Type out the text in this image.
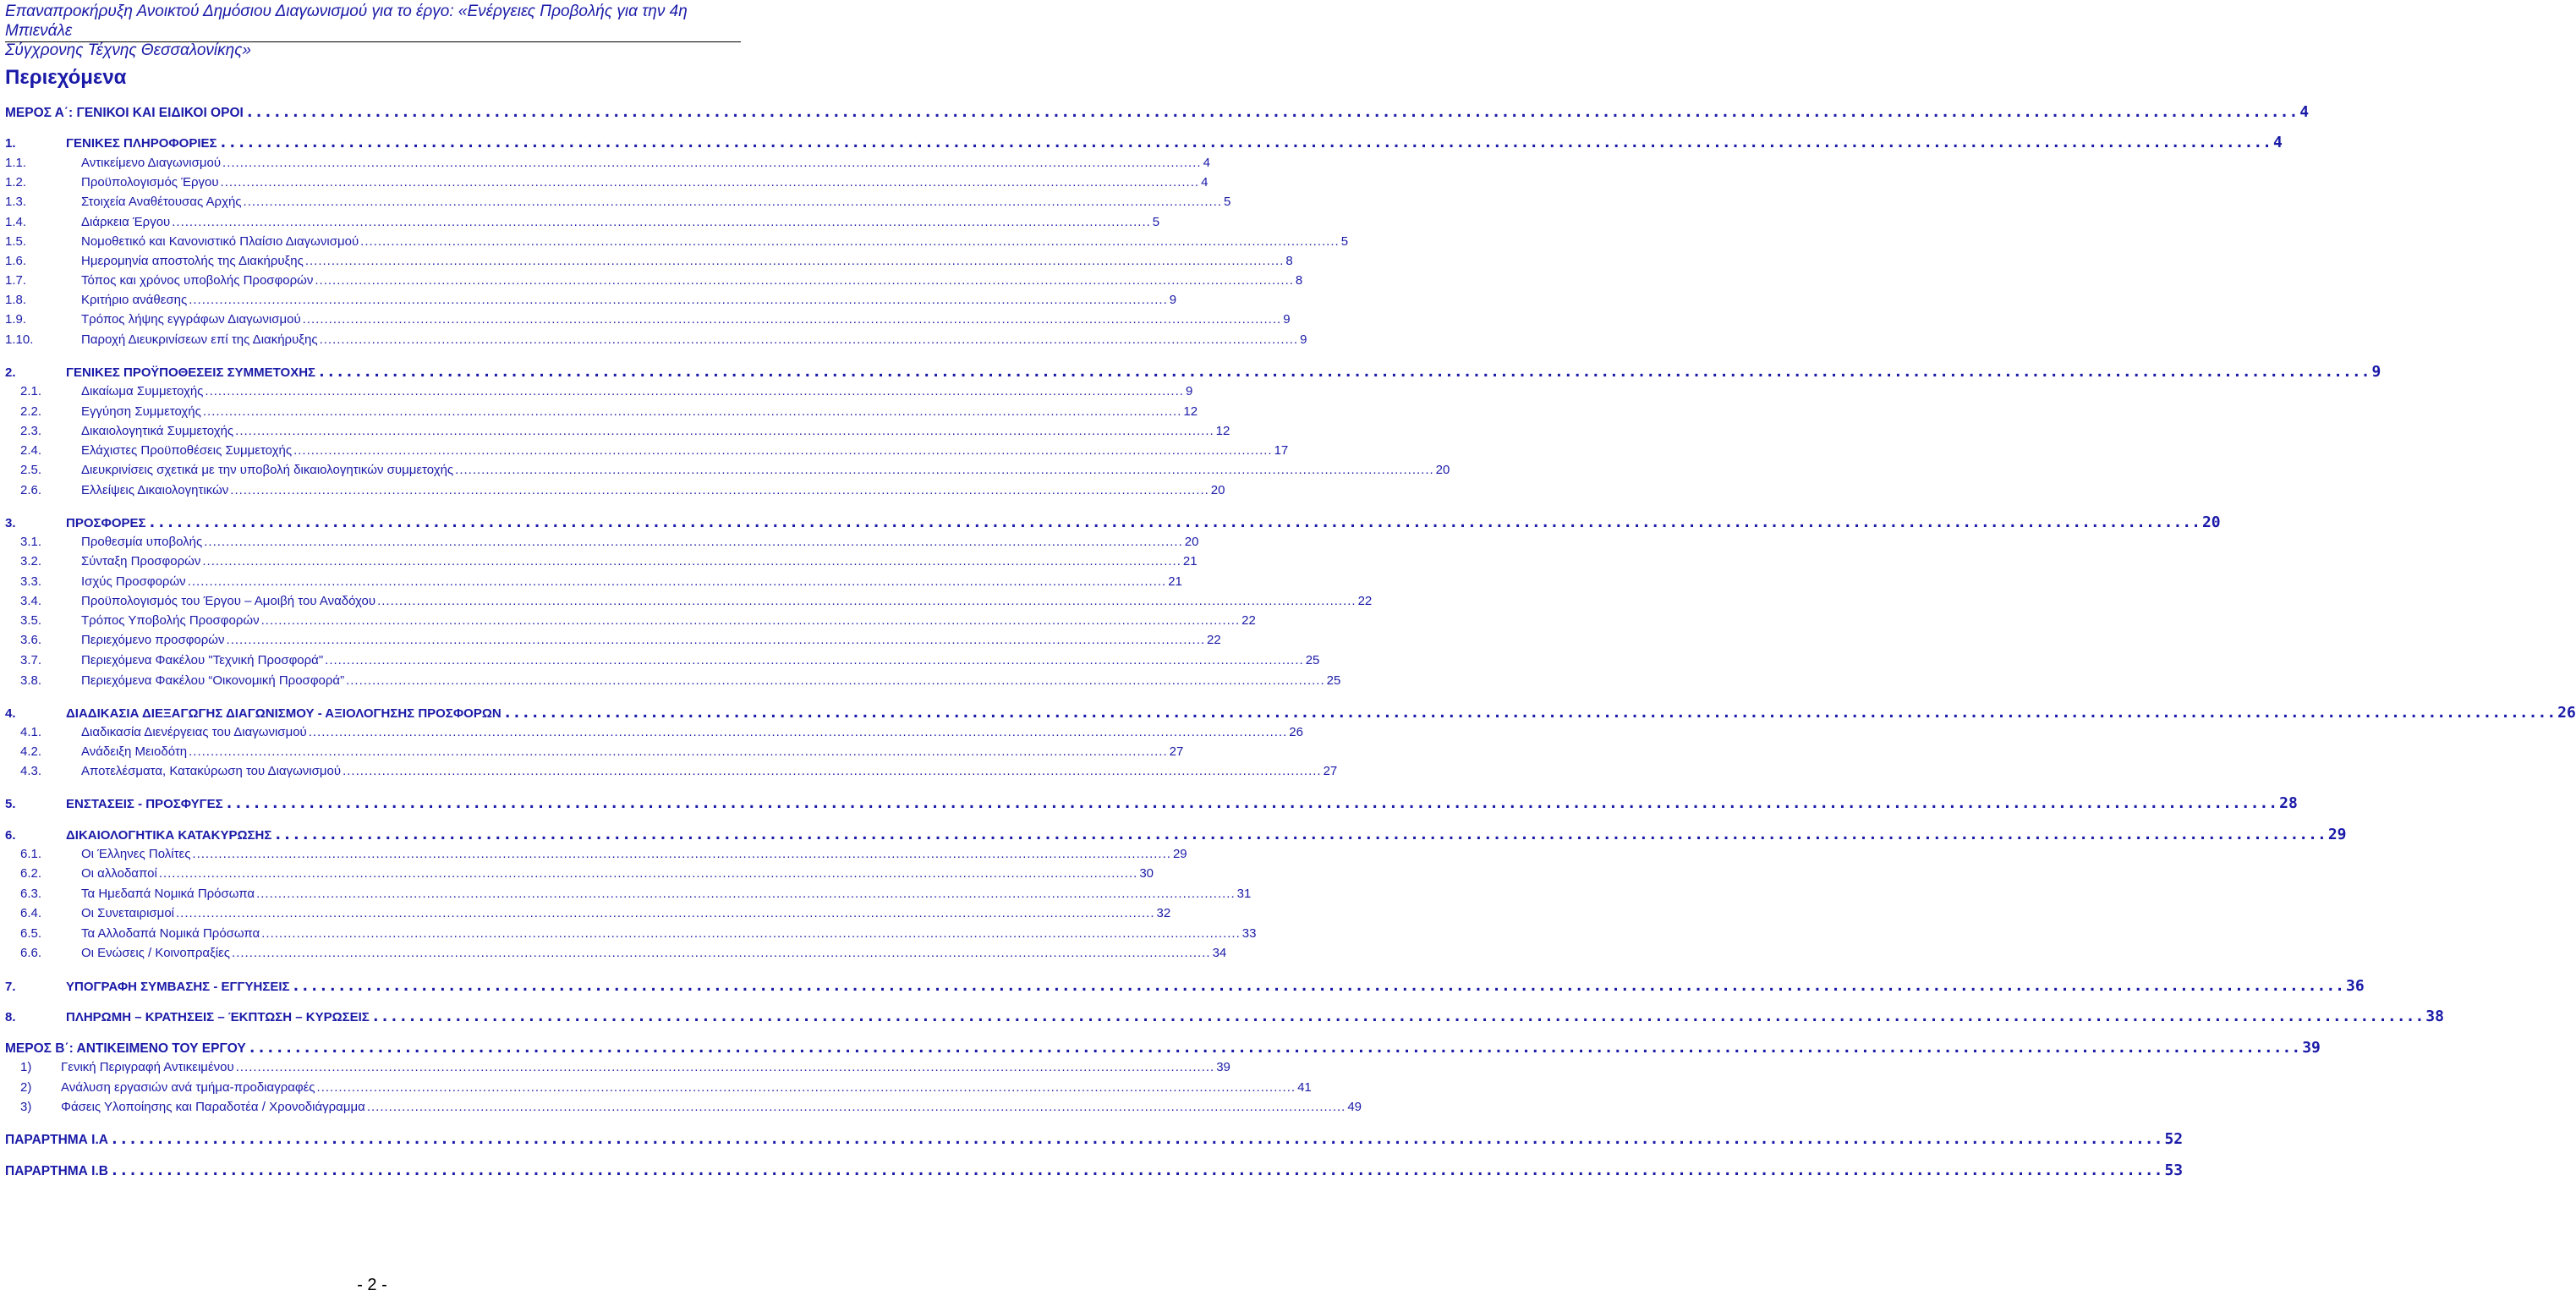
Επαναπροκήρυξη Ανοικτού Δημόσιου Διαγωνισμού για το έργο: «Ενέργειες Προβολής για την 4η Μπιενάλε
Σύγχρονης Τέχνης Θεσσαλονίκης»
Περιεχόμενα
ΜΕΡΟΣ Α΄: ΓΕΝΙΚΟΙ ΚΑΙ ΕΙΔΙΚΟΙ ΟΡΟΙ .....	4
1.	ΓΕΝΙΚΕΣ ΠΛΗΡΟΦΟΡΙΕΣ .....	4
1.1.	Αντικείμενο Διαγωνισμού .....	4
1.2.	Προϋπολογισμός Έργου .....	4
1.3.	Στοιχεία Αναθέτουσας Αρχής .....	5
1.4.	Διάρκεια Έργου .....	5
1.5.	Νομοθετικό και Κανονιστικό Πλαίσιο Διαγωνισμού .....	5
1.6.	Ημερομηνία αποστολής της Διακήρυξης .....	8
1.7.	Τόπος και χρόνος υποβολής Προσφορών .....	8
1.8.	Κριτήριο ανάθεσης .....	9
1.9.	Τρόπος λήψης εγγράφων Διαγωνισμού .....	9
1.10.	Παροχή Διευκρινίσεων επί της Διακήρυξης .....	9
2.	ΓΕΝΙΚΕΣ ΠΡΟΫΠΟΘΕΣΕΙΣ ΣΥΜΜΕΤΟΧΗΣ .....	9
2.1.	Δικαίωμα Συμμετοχής .....	9
2.2.	Εγγύηση Συμμετοχής .....	12
2.3.	Δικαιολογητικά Συμμετοχής .....	12
2.4.	Ελάχιστες Προϋποθέσεις Συμμετοχής .....	17
2.5.	Διευκρινίσεις σχετικά με την υποβολή δικαιολογητικών συμμετοχής .....	20
2.6.	Ελλείψεις Δικαιολογητικών .....	20
3.	ΠΡΟΣΦΟΡΕΣ .....	20
3.1.	Προθεσμία υποβολής .....	20
3.2.	Σύνταξη Προσφορών .....	21
3.3.	Ισχύς Προσφορών .....	21
3.4.	Προϋπολογισμός του Έργου – Αμοιβή του Αναδόχου .....	22
3.5.	Τρόπος Υποβολής Προσφορών .....	22
3.6.	Περιεχόμενο προσφορών .....	22
3.7.	Περιεχόμενα Φακέλου "Τεχνική Προσφορά" .....	25
3.8.	Περιεχόμενα Φακέλου “Οικονομική Προσφορά” .....	25
4.	ΔΙΑΔΙΚΑΣΙΑ ΔΙΕΞΑΓΩΓΗΣ ΔΙΑΓΩΝΙΣΜΟΥ - ΑΞΙΟΛΟΓΗΣΗΣ ΠΡΟΣΦΟΡΩΝ .....	26
4.1.	Διαδικασία Διενέργειας του Διαγωνισμού .....	26
4.2.	Ανάδειξη Μειοδότη .....	27
4.3.	Αποτελέσματα, Κατακύρωση του Διαγωνισμού .....	27
5.	ΕΝΣΤΑΣΕΙΣ - ΠΡΟΣΦΥΓΕΣ .....	28
6.	ΔΙΚΑΙΟΛΟΓΗΤΙΚΑ ΚΑΤΑΚΥΡΩΣΗΣ .....	29
6.1.	Οι Έλληνες Πολίτες .....	29
6.2.	Οι αλλοδαποί .....	30
6.3.	Τα Ημεδαπά Νομικά Πρόσωπα .....	31
6.4.	Οι Συνεταιρισμοί .....	32
6.5.	Τα Αλλοδαπά Νομικά Πρόσωπα .....	33
6.6.	Οι Ενώσεις / Κοινοπραξίες .....	34
7.	ΥΠΟΓΡΑΦΗ ΣΥΜΒΑΣΗΣ - ΕΓΓΥΗΣΕΙΣ .....	36
8.	ΠΛΗΡΩΜΗ – ΚΡΑΤΗΣΕΙΣ – ΈΚΠΤΩΣΗ – ΚΥΡΩΣΕΙΣ .....	38
ΜΕΡΟΣ Β΄: ΑΝΤΙΚΕΙΜΕΝΟ ΤΟΥ ΕΡΓΟΥ .....	39
1)	Γενική Περιγραφή Αντικειμένου .....	39
2)	Ανάλυση εργασιών ανά τμήμα-προδιαγραφές .....	41
3)	Φάσεις Υλοποίησης και Παραδοτέα / Χρονοδιάγραμμα .....	49
ΠΑΡΑΡΤΗΜΑ Ι.Α .....	52
ΠΑΡΑΡΤΗΜΑ Ι.Β .....	53
- 2 -
